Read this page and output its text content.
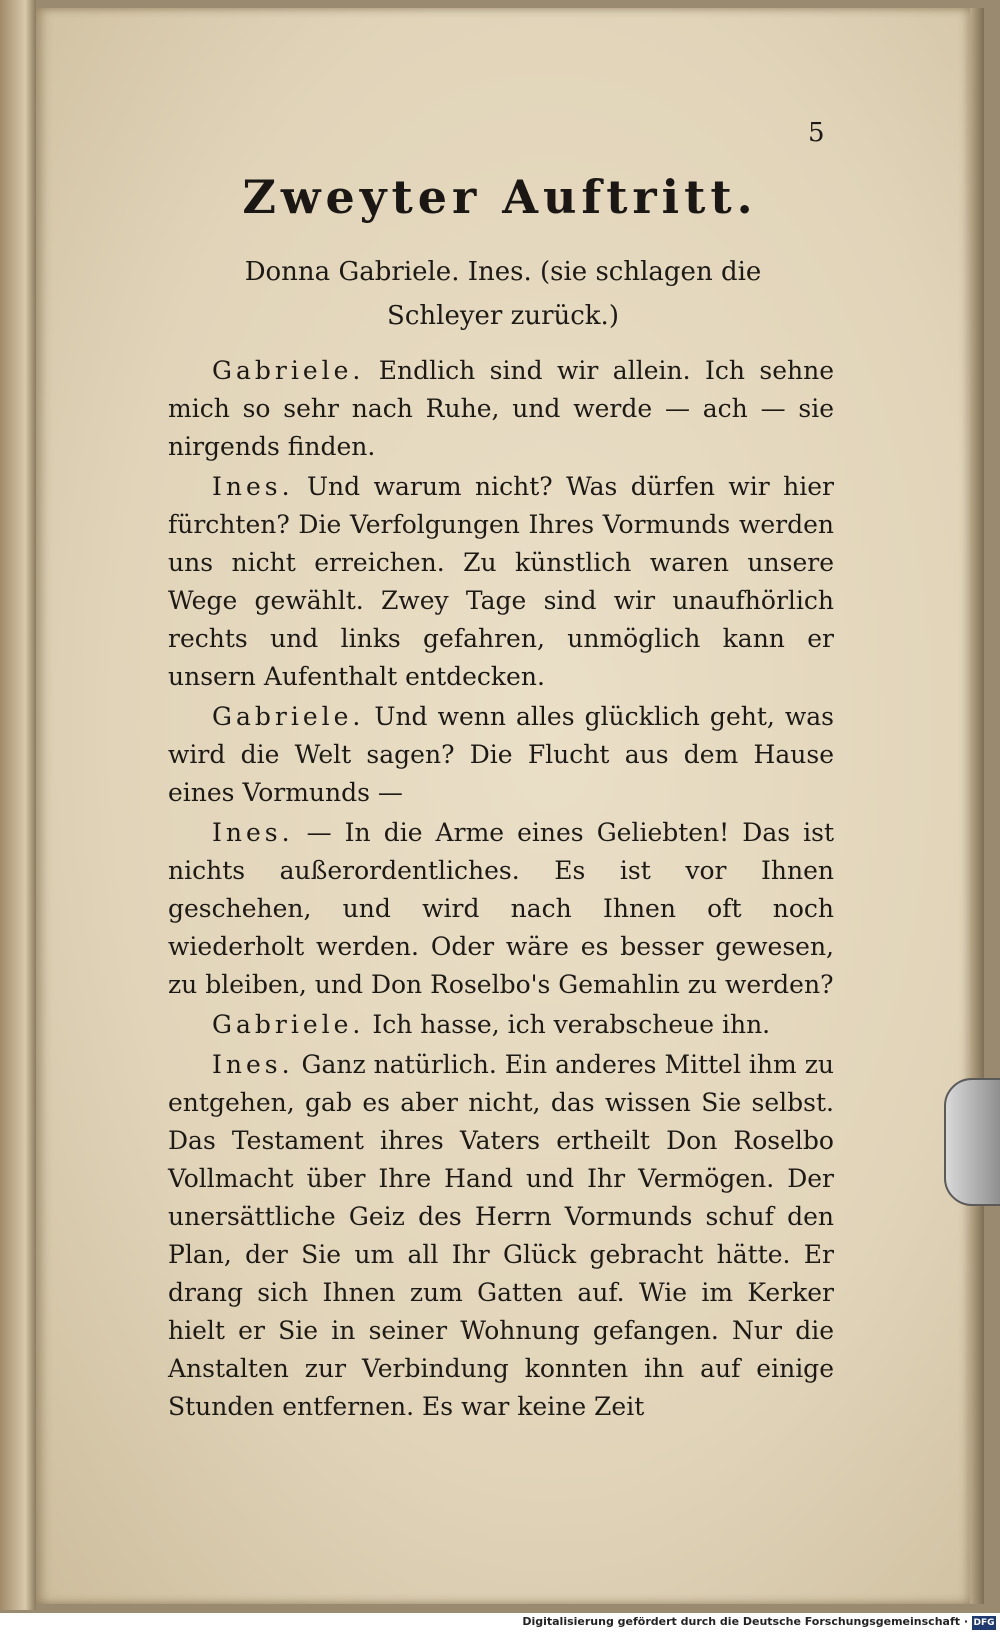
5
Zweyter Auftritt.
Donna Gabriele. Ines. (sie schlagen die Schleyer zurück.)

Gabriele. Endlich sind wir allein. Ich sehne mich so sehr nach Ruhe, und werde — ach — sie nirgends finden.

Ines. Und warum nicht? Was dürfen wir hier fürchten? Die Verfolgungen Ihres Vormunds werden uns nicht erreichen. Zu künstlich waren unsere Wege gewählt. Zwey Tage sind wir unaufhörlich rechts und links gefahren, unmöglich kann er unsern Aufenthalt entdecken.

Gabriele. Und wenn alles glücklich geht, was wird die Welt sagen? Die Flucht aus dem Hause eines Vormunds —

Ines. — In die Arme eines Geliebten! Das ist nichts außerordentliches. Es ist vor Ihnen geschehen, und wird nach Ihnen oft noch wiederholt werden. Oder wäre es besser gewesen, zu bleiben, und Don Roselbo's Gemahlin zu werden?

Gabriele. Ich hasse, ich verabscheue ihn.

Ines. Ganz natürlich. Ein anderes Mittel ihm zu entgehen, gab es aber nicht, das wissen Sie selbst. Das Testament ihres Vaters ertheilt Don Roselbo Vollmacht über Ihre Hand und Ihr Vermögen. Der unersättliche Geiz des Herrn Vormunds schuf den Plan, der Sie um all Ihr Glück gebracht hätte. Er drang sich Ihnen zum Gatten auf. Wie im Kerker hielt er Sie in seiner Wohnung gefangen. Nur die Anstalten zur Verbindung konnten ihn auf einige Stunden entfernen. Es war keine Zeit

Digitalisierung gefördert durch die Deutsche Forschungsgemeinschaft · DFG
